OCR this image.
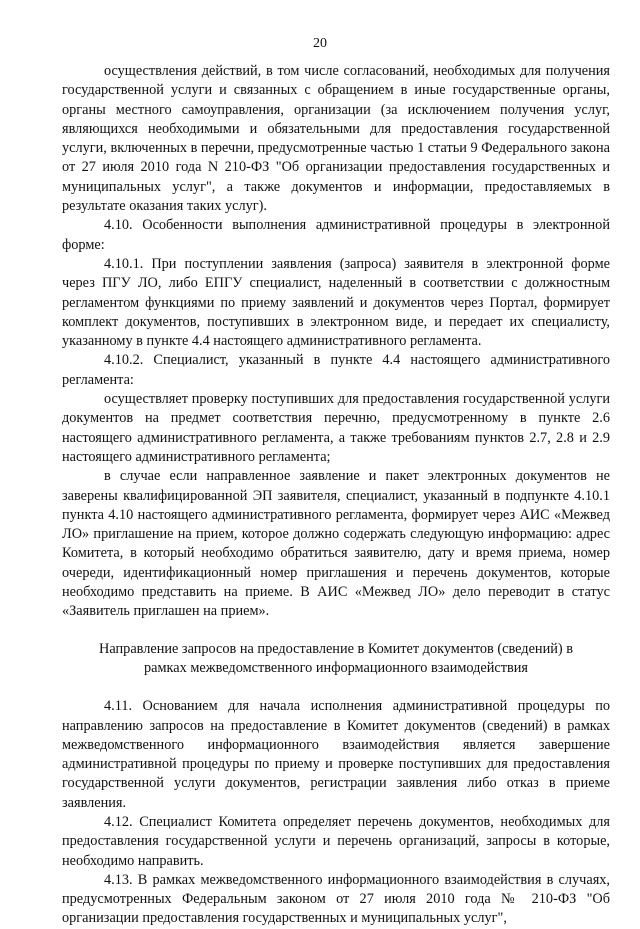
20

осуществления действий, в том числе согласований, необходимых для получения государственной услуги и связанных с обращением в иные государственные органы, органы местного самоуправления, организации (за исключением получения услуг, являющихся необходимыми и обязательными для предоставления государственной услуги, включенных в перечни, предусмотренные частью 1 статьи 9 Федерального закона от 27 июля 2010 года N 210-ФЗ "Об организации предоставления государственных и муниципальных услуг", а также документов и информации, предоставляемых в результате оказания таких услуг).

4.10. Особенности выполнения административной процедуры в электронной форме:

4.10.1. При поступлении заявления (запроса) заявителя в электронной форме через ПГУ ЛО, либо ЕПГУ специалист, наделенный в соответствии с должностным регламентом функциями по приему заявлений и документов через Портал, формирует комплект документов, поступивших в электронном виде, и передает их специалисту, указанному в пункте 4.4 настоящего административного регламента.

4.10.2. Специалист, указанный в пункте 4.4 настоящего административного регламента:

осуществляет проверку поступивших для предоставления государственной услуги документов на предмет соответствия перечню, предусмотренному в пункте 2.6 настоящего административного регламента, а также требованиям пунктов 2.7, 2.8 и 2.9 настоящего административного регламента;

в случае если направленное заявление и пакет электронных документов не заверены квалифицированной ЭП заявителя, специалист, указанный в подпункте 4.10.1 пункта 4.10 настоящего административного регламента, формирует через АИС «Межвед ЛО» приглашение на прием, которое должно содержать следующую информацию: адрес Комитета, в который необходимо обратиться заявителю, дату и время приема, номер очереди, идентификационный номер приглашения и перечень документов, которые необходимо представить на приеме. В АИС «Межвед ЛО» дело переводит в статус «Заявитель приглашен на прием».

Направление запросов на предоставление в Комитет документов (сведений) в

рамках межведомственного информационного взаимодействия

4.11. Основанием для начала исполнения административной процедуры по направлению запросов на предоставление в Комитет документов (сведений) в рамках межведомственного информационного взаимодействия является завершение административной процедуры по приему и проверке поступивших для предоставления государственной услуги документов, регистрации заявления либо отказ в приеме заявления.

4.12. Специалист Комитета определяет перечень документов, необходимых для предоставления государственной услуги и перечень организаций, запросы в которые, необходимо направить.

4.13. В рамках межведомственного информационного взаимодействия в случаях, предусмотренных Федеральным законом от 27 июля 2010 года № 210-ФЗ "Об организации предоставления государственных и муниципальных услуг",
